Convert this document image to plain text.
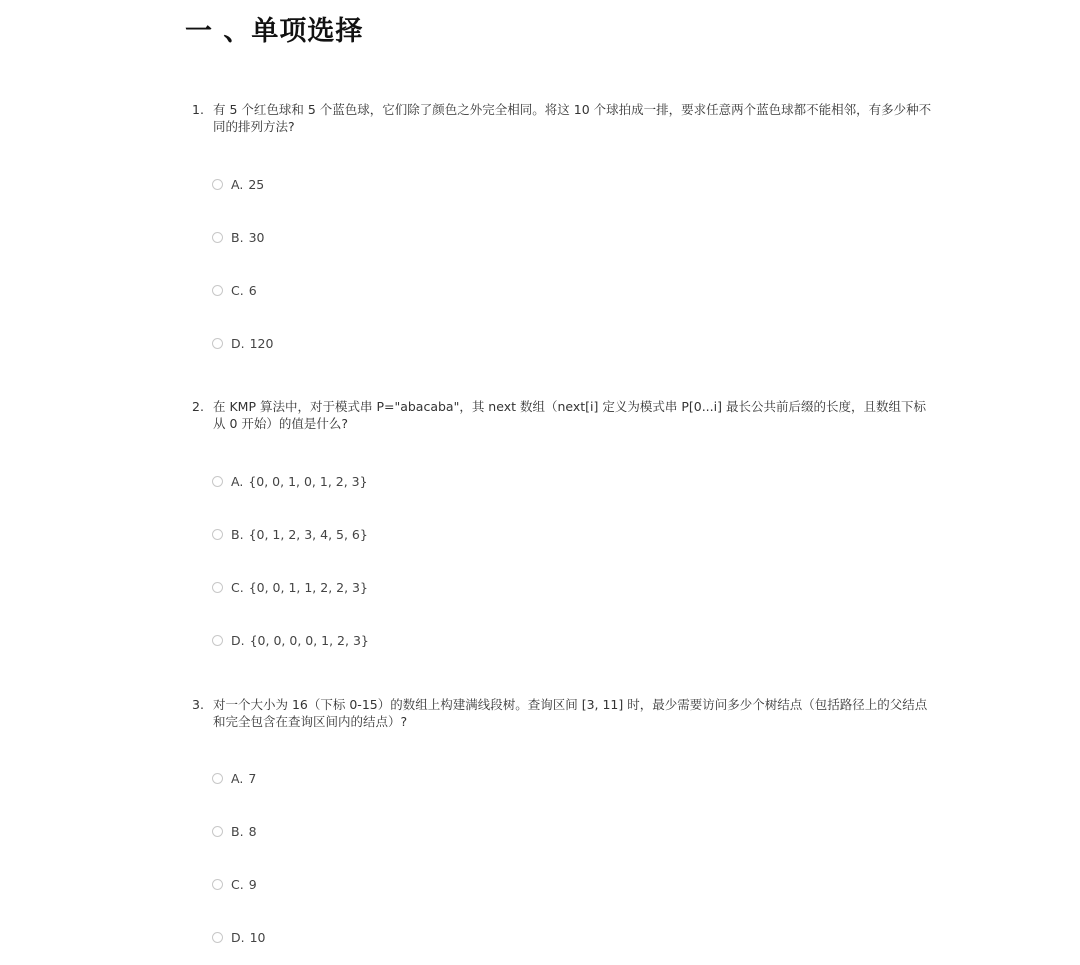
一 、单项选择
1. 有 5 个红色球和 5 个蓝色球，它们除了颜色之外完全相同。将这 10 个球拍成一排，要求任意两个蓝色球都不能相邻，有多少种不同的排列方法?
A. 25
B. 30
C. 6
D. 120
2. 在 KMP 算法中，对于模式串 P="abacaba"，其 next 数组（next[i] 定义为模式串 P[0...i] 最长公共前后缀的长度，且数组下标从 0 开始）的值是什么?
A. {0, 0, 1, 0, 1, 2, 3}
B. {0, 1, 2, 3, 4, 5, 6}
C. {0, 0, 1, 1, 2, 2, 3}
D. {0, 0, 0, 0, 1, 2, 3}
3. 对一个大小为 16（下标 0-15）的数组上构建满线段树。查询区间 [3, 11] 时，最少需要访问多少个树结点（包括路径上的父结点和完全包含在查询区间内的结点）?
A. 7
B. 8
C. 9
D. 10
